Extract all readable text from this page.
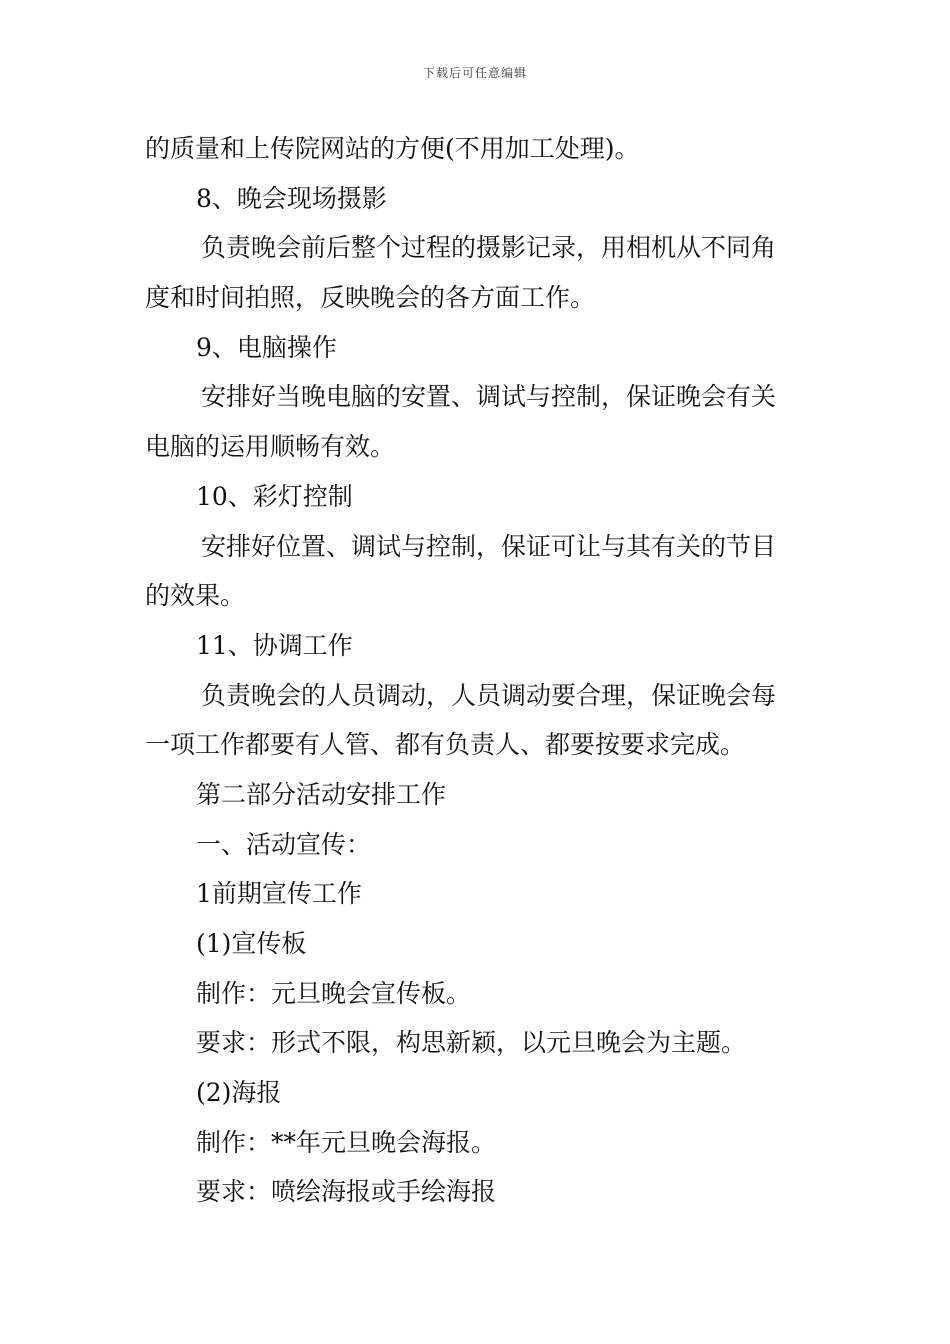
下载后可任意编辑
的质量和上传院网站的方便(不用加工处理)。
8、晚会现场摄影
负责晚会前后整个过程的摄影记录，用相机从不同角
度和时间拍照，反映晚会的各方面工作。
9、电脑操作
安排好当晚电脑的安置、调试与控制，保证晚会有关
电脑的运用顺畅有效。
10、彩灯控制
安排好位置、调试与控制，保证可让与其有关的节目
的效果。
11、协调工作
负责晚会的人员调动，人员调动要合理，保证晚会每
一项工作都要有人管、都有负责人、都要按要求完成。
第二部分活动安排工作
一、活动宣传：
1前期宣传工作
(1)宣传板
制作：元旦晚会宣传板。
要求：形式不限，构思新颖，以元旦晚会为主题。
(2)海报
制作：**年元旦晚会海报。
要求：喷绘海报或手绘海报
